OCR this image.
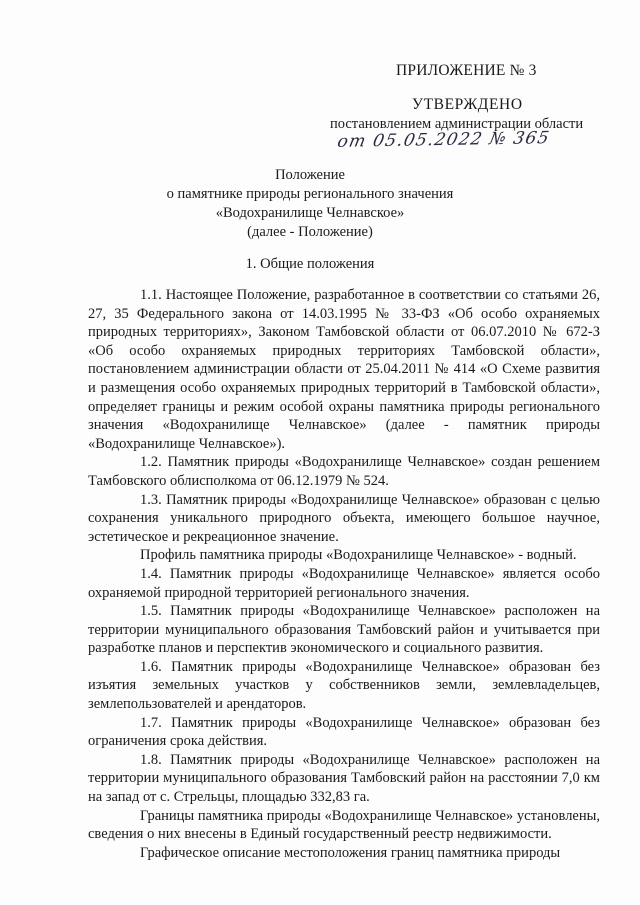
ПРИЛОЖЕНИЕ № 3
УТВЕРЖДЕНО
постановлением администрации области
от 05.05.2022 № 365
Положение
о памятнике природы регионального значения
«Водохранилище Челнавское»
(далее - Положение)
1. Общие положения

1.1. Настоящее Положение, разработанное в соответствии со статьями 26, 27, 35 Федерального закона от 14.03.1995 № 33-ФЗ «Об особо охраняемых природных территориях», Законом Тамбовской области от 06.07.2010 № 672-З «Об особо охраняемых природных территориях Тамбовской области», постановлением администрации области от 25.04.2011 № 414 «О Схеме развития и размещения особо охраняемых природных территорий в Тамбовской области», определяет границы и режим особой охраны памятника природы регионального значения «Водохранилище Челнавское» (далее - памятник природы «Водохранилище Челнавское»).

1.2. Памятник природы «Водохранилище Челнавское» создан решением Тамбовского облисполкома от 06.12.1979 № 524.

1.3. Памятник природы «Водохранилище Челнавское» образован с целью сохранения уникального природного объекта, имеющего большое научное, эстетическое и рекреационное значение.

Профиль памятника природы «Водохранилище Челнавское» - водный.

1.4. Памятник природы «Водохранилище Челнавское» является особо охраняемой природной территорией регионального значения.

1.5. Памятник природы «Водохранилище Челнавское» расположен на территории муниципального образования Тамбовский район и учитывается при разработке планов и перспектив экономического и социального развития.

1.6. Памятник природы «Водохранилище Челнавское» образован без изъятия земельных участков у собственников земли, землевладельцев, землепользователей и арендаторов.

1.7. Памятник природы «Водохранилище Челнавское» образован без ограничения срока действия.

1.8. Памятник природы «Водохранилище Челнавское» расположен на территории муниципального образования Тамбовский район на расстоянии 7,0 км на запад от с. Стрельцы, площадью 332,83 га.

Границы памятника природы «Водохранилище Челнавское» установлены, сведения о них внесены в Единый государственный реестр недвижимости.

Графическое описание местоположения границ памятника природы
